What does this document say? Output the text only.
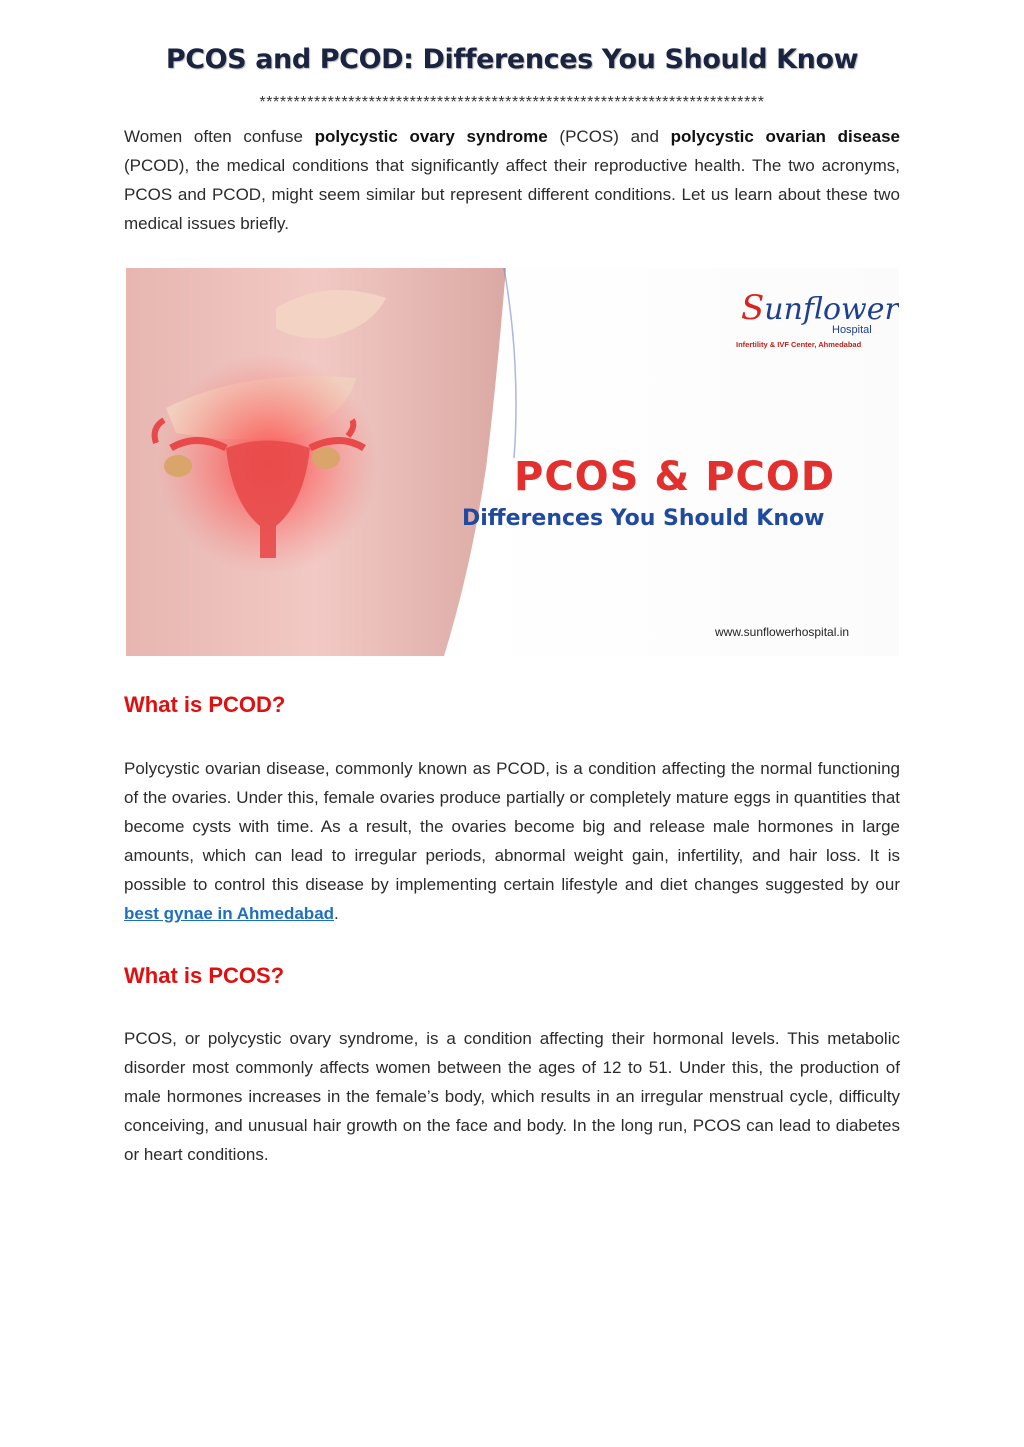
PCOS and PCOD: Differences You Should Know
**************************************************************************

Women often confuse polycystic ovary syndrome (PCOS) and polycystic ovarian disease (PCOD), the medical conditions that significantly affect their reproductive health. The two acronyms, PCOS and PCOD, might seem similar but represent different conditions. Let us learn about these two medical issues briefly.

Sunflower
Hospital
Infertility & IVF Center, Ahmedabad
PCOS & PCOD
Differences You Should Know
www.sunflowerhospital.in
What is PCOD?

Polycystic ovarian disease, commonly known as PCOD, is a condition affecting the normal functioning of the ovaries. Under this, female ovaries produce partially or completely mature eggs in quantities that become cysts with time. As a result, the ovaries become big and release male hormones in large amounts, which can lead to irregular periods, abnormal weight gain, infertility, and hair loss. It is possible to control this disease by implementing certain lifestyle and diet changes suggested by our best gynae in Ahmedabad.

What is PCOS?

PCOS, or polycystic ovary syndrome, is a condition affecting their hormonal levels. This metabolic disorder most commonly affects women between the ages of 12 to 51. Under this, the production of male hormones increases in the female’s body, which results in an irregular menstrual cycle, difficulty conceiving, and unusual hair growth on the face and body. In the long run, PCOS can lead to diabetes or heart conditions.
